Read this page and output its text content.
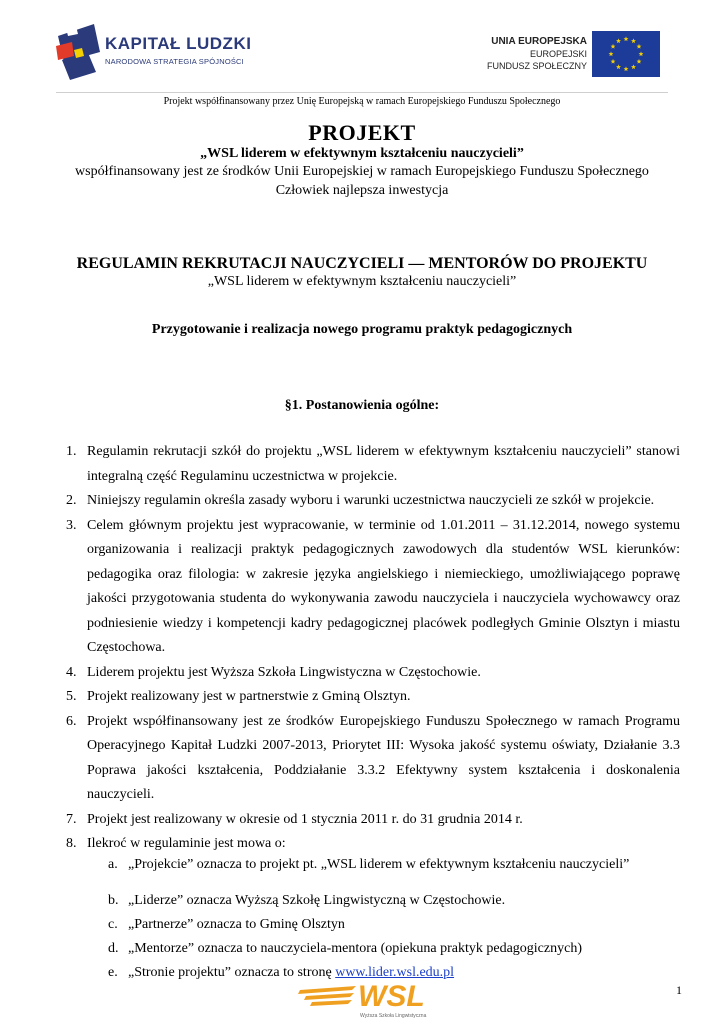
KAPITAŁ LUDZKI
NARODOWA STRATEGIA SPÓJNOŚCI
UNIA EUROPEJSKA
EUROPEJSKI
FUNDUSZ SPOŁECZNY
Projekt współfinansowany przez Unię Europejską w ramach Europejskiego Funduszu Społecznego
PROJEKT
„WSL liderem w efektywnym kształceniu nauczycieli”
współfinansowany jest ze środków Unii Europejskiej w ramach Europejskiego Funduszu Społecznego
Człowiek najlepsza inwestycja
REGULAMIN REKRUTACJI NAUCZYCIELI — MENTORÓW DO PROJEKTU
„WSL liderem w efektywnym kształceniu nauczycieli”
Przygotowanie i realizacja nowego programu praktyk pedagogicznych
§1. Postanowienia ogólne:
1. Regulamin rekrutacji szkół do projektu „WSL liderem w efektywnym kształceniu nauczycieli” stanowi integralną część Regulaminu uczestnictwa w projekcie.
2. Niniejszy regulamin określa zasady wyboru i warunki uczestnictwa nauczycieli ze szkół w projekcie.
3. Celem głównym projektu jest wypracowanie, w terminie od 1.01.2011 – 31.12.2014, nowego systemu organizowania i realizacji praktyk pedagogicznych zawodowych dla studentów WSL kierunków: pedagogika oraz filologia: w zakresie języka angielskiego i niemieckiego, umożliwiającego poprawę jakości przygotowania studenta do wykonywania zawodu nauczyciela i nauczyciela wychowawcy oraz podniesienie wiedzy i kompetencji kadry pedagogicznej placówek podległych Gminie Olsztyn i miastu Częstochowa.
4. Liderem projektu jest Wyższa Szkoła Lingwistyczna w Częstochowie.
5. Projekt realizowany jest w partnerstwie z Gminą Olsztyn.
6. Projekt współfinansowany jest ze środków Europejskiego Funduszu Społecznego w ramach Programu Operacyjnego Kapitał Ludzki 2007-2013, Priorytet III: Wysoka jakość systemu oświaty, Działanie 3.3 Poprawa jakości kształcenia, Poddziałanie 3.3.2 Efektywny system kształcenia i doskonalenia nauczycieli.
7. Projekt jest realizowany w okresie od 1 stycznia 2011 r. do 31 grudnia 2014 r.
8. Ilekroć w regulaminie jest mowa o:
a. „Projekcie” oznacza to projekt pt. „WSL liderem w efektywnym kształceniu nauczycieli”
b. „Liderze” oznacza Wyższą Szkołę Lingwistyczną w Częstochowie.
c. „Partnerze” oznacza to Gminę Olsztyn
d. „Mentorze” oznacza to nauczyciela-mentora (opiekuna praktyk pedagogicznych)
e. „Stronie projektu” oznacza to stronę www.lider.wsl.edu.pl
WSL
Wyższa Szkoła Lingwistyczna
1
